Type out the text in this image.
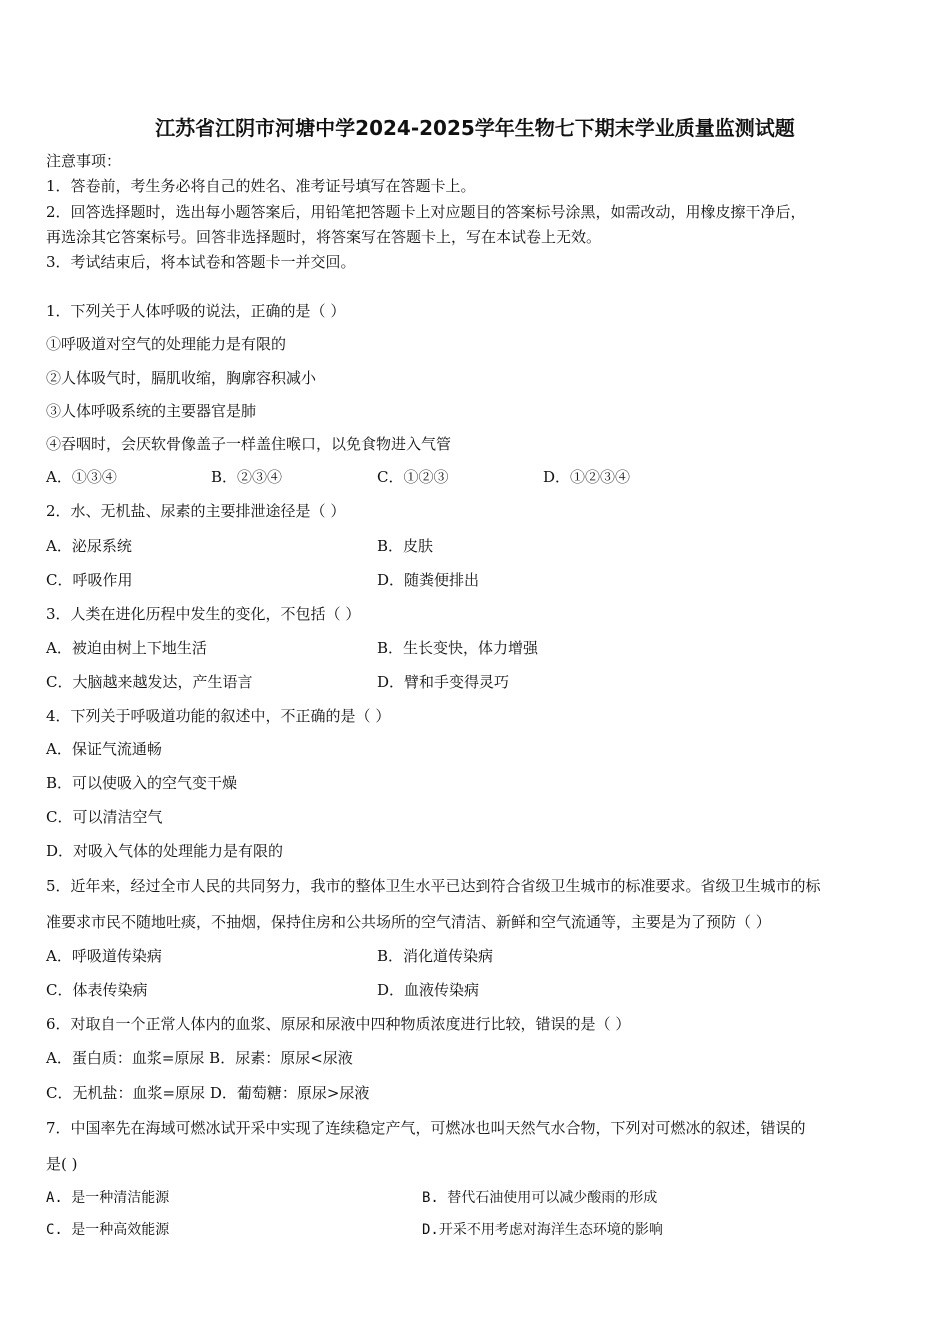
江苏省江阴市河塘中学2024-2025学年生物七下期末学业质量监测试题
注意事项：
1．答卷前，考生务必将自己的姓名、准考证号填写在答题卡上。
2．回答选择题时，选出每小题答案后，用铅笔把答题卡上对应题目的答案标号涂黑，如需改动，用橡皮擦干净后，
再选涂其它答案标号。回答非选择题时，将答案写在答题卡上，写在本试卷上无效。
3．考试结束后，将本试卷和答题卡一并交回。
1．下列关于人体呼吸的说法，正确的是（ ）
①呼吸道对空气的处理能力是有限的
②人体吸气时，膈肌收缩，胸廓容积减小
③人体呼吸系统的主要器官是肺
④吞咽时，会厌软骨像盖子一样盖住喉口，以免食物进入气管
A．①③④	B．②③④	C．①②③	D．①②③④
2．水、无机盐、尿素的主要排泄途径是（ ）
A．泌尿系统	B．皮肤
C．呼吸作用	D．随粪便排出
3．人类在进化历程中发生的变化，不包括（ ）
A．被迫由树上下地生活	B．生长变快，体力增强
C．大脑越来越发达，产生语言	D．臂和手变得灵巧
4．下列关于呼吸道功能的叙述中，不正确的是（ ）
A．保证气流通畅
B．可以使吸入的空气变干燥
C．可以清洁空气
D．对吸入气体的处理能力是有限的
5．近年来，经过全市人民的共同努力，我市的整体卫生水平已达到符合省级卫生城市的标准要求。省级卫生城市的标
准要求市民不随地吐痰，不抽烟，保持住房和公共场所的空气清洁、新鲜和空气流通等，主要是为了预防（ ）
A．呼吸道传染病	B．消化道传染病
C．体表传染病	D．血液传染病
6．对取自一个正常人体内的血浆、原尿和尿液中四种物质浓度进行比较，错误的是（ ）
A．蛋白质：血浆=原尿 B．尿素：原尿<尿液
C．无机盐：血浆=原尿 D．葡萄糖：原尿>尿液
7．中国率先在海域可燃冰试开采中实现了连续稳定产气，可燃冰也叫天然气水合物，下列对可燃冰的叙述，错误的
是( )
A. 是一种清洁能源	B. 替代石油使用可以减少酸雨的形成
C. 是一种高效能源	D.开采不用考虑对海洋生态环境的影响
